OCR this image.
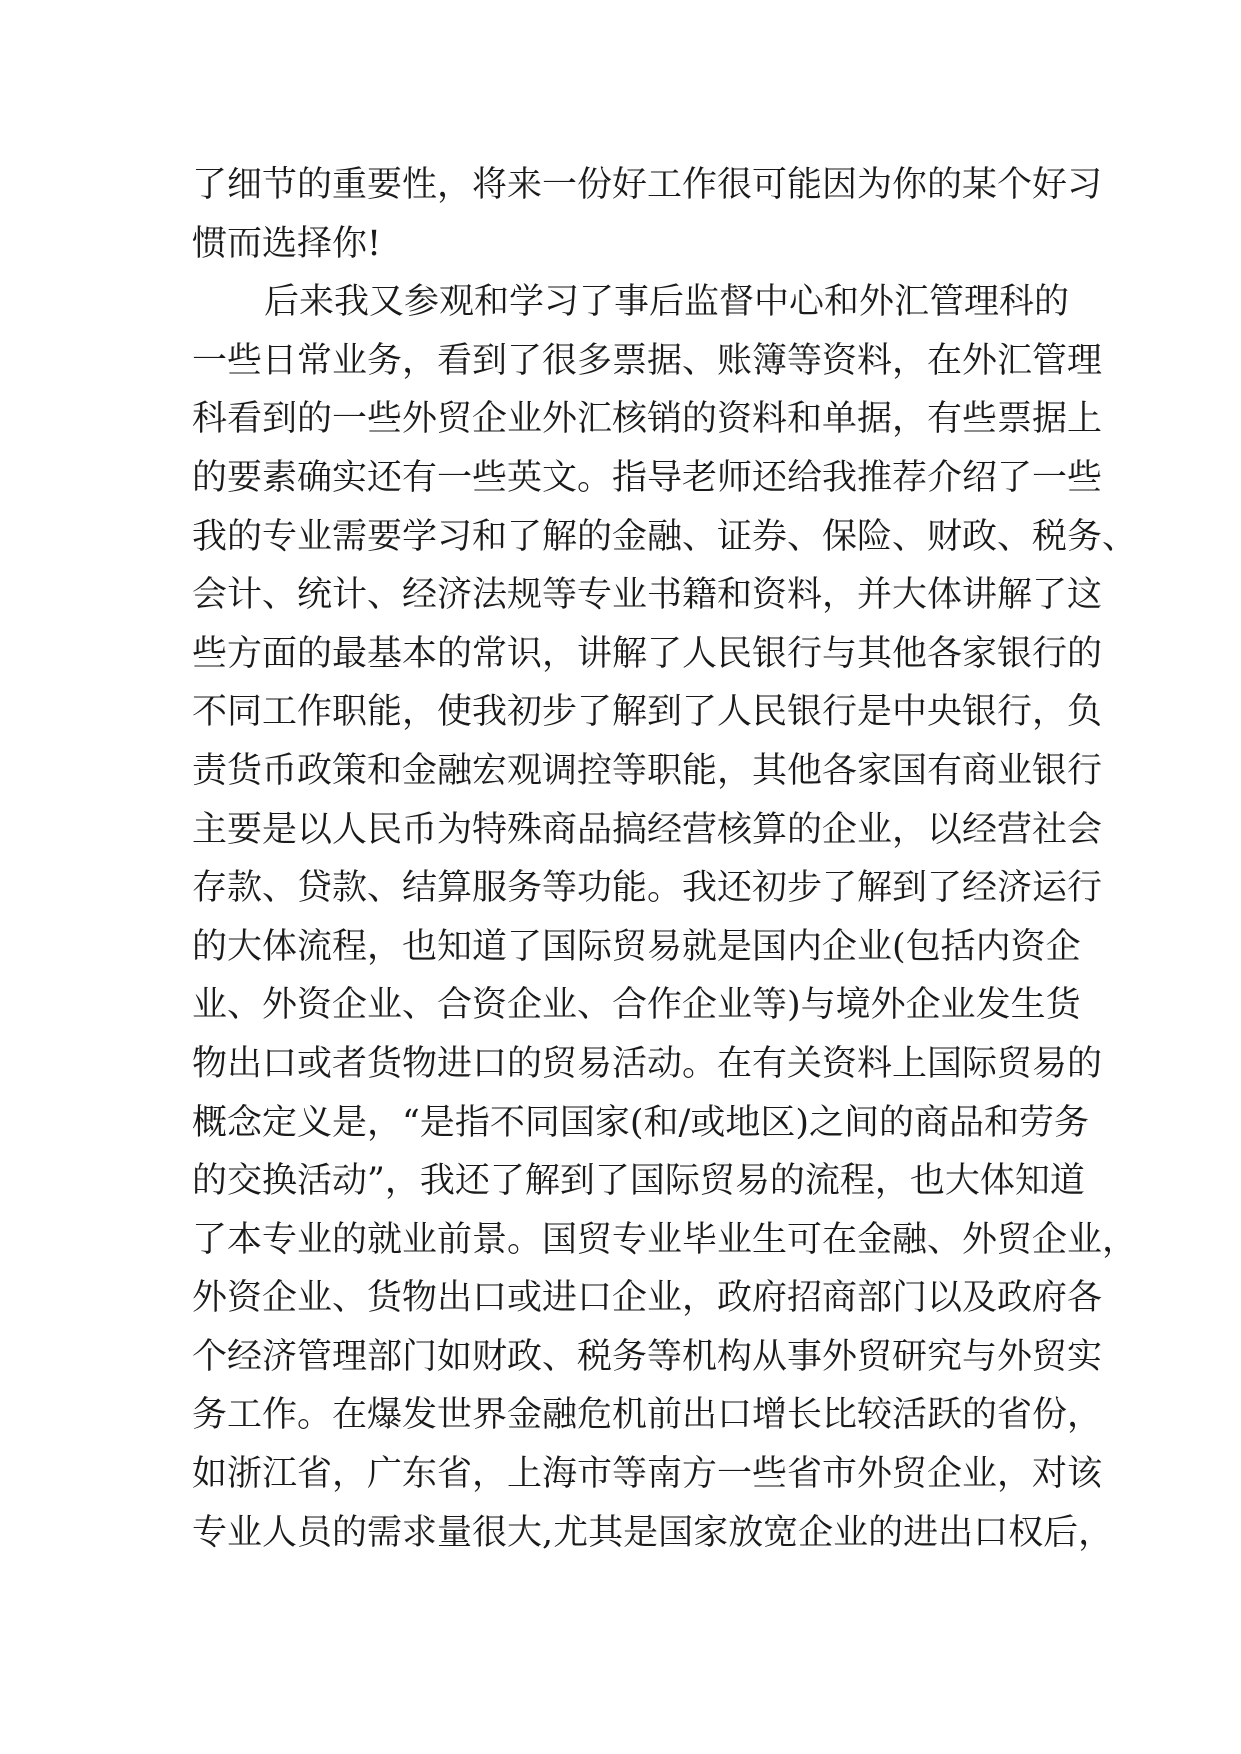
了细节的重要性，将来一份好工作很可能因为你的某个好习
惯而选择你!
后来我又参观和学习了事后监督中心和外汇管理科的
一些日常业务，看到了很多票据、账簿等资料，在外汇管理
科看到的一些外贸企业外汇核销的资料和单据，有些票据上
的要素确实还有一些英文。指导老师还给我推荐介绍了一些
我的专业需要学习和了解的金融、证券、保险、财政、税务、
会计、统计、经济法规等专业书籍和资料，并大体讲解了这
些方面的最基本的常识，讲解了人民银行与其他各家银行的
不同工作职能，使我初步了解到了人民银行是中央银行，负
责货币政策和金融宏观调控等职能，其他各家国有商业银行
主要是以人民币为特殊商品搞经营核算的企业，以经营社会
存款、贷款、结算服务等功能。我还初步了解到了经济运行
的大体流程，也知道了国际贸易就是国内企业(包括内资企
业、外资企业、合资企业、合作企业等)与境外企业发生货
物出口或者货物进口的贸易活动。在有关资料上国际贸易的
概念定义是，“是指不同国家(和/或地区)之间的商品和劳务
的交换活动”，我还了解到了国际贸易的流程，也大体知道
了本专业的就业前景。国贸专业毕业生可在金融、外贸企业，
外资企业、货物出口或进口企业，政府招商部门以及政府各
个经济管理部门如财政、税务等机构从事外贸研究与外贸实
务工作。在爆发世界金融危机前出口增长比较活跃的省份，
如浙江省，广东省，上海市等南方一些省市外贸企业，对该
专业人员的需求量很大,尤其是国家放宽企业的进出口权后，
